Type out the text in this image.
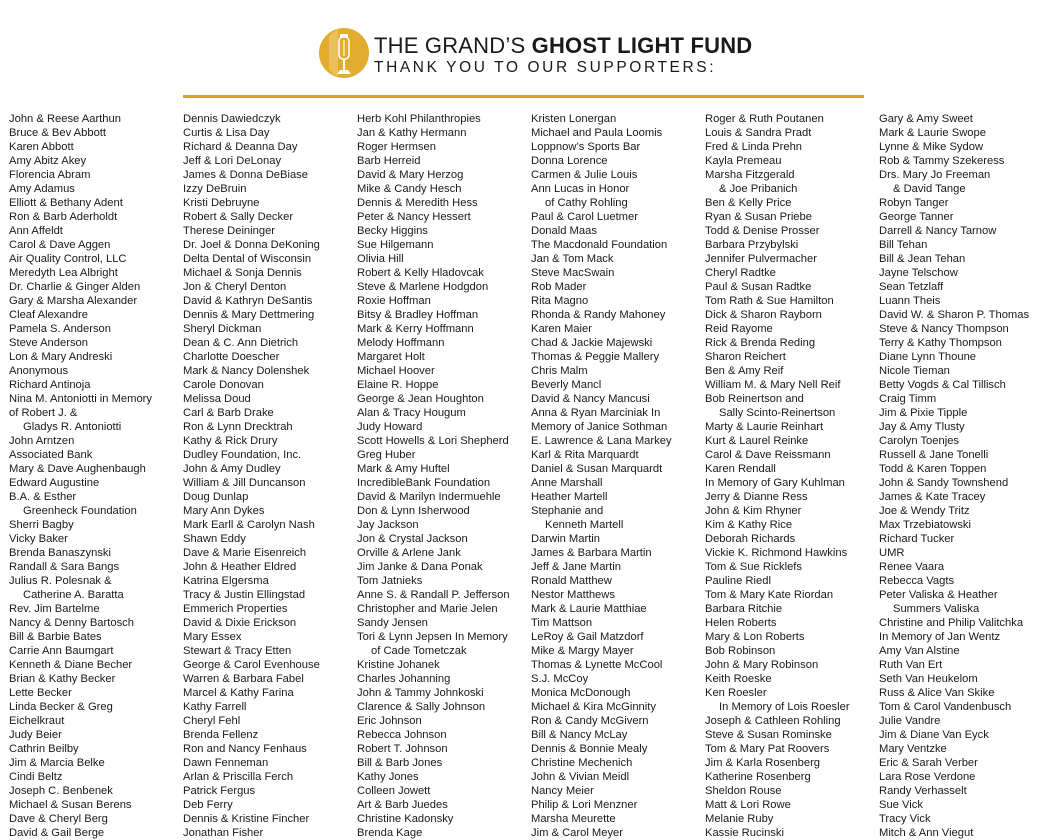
THE GRAND’S GHOST LIGHT FUND
THANK YOU TO OUR SUPPORTERS:
John & Reese Aarthun
Bruce & Bev Abbott
Karen Abbott
Amy Abitz Akey
Florencia Abram
Amy Adamus
Elliott & Bethany Adent
Ron & Barb Aderholdt
Ann Affeldt
Carol & Dave Aggen
Air Quality Control, LLC
Meredyth Lea Albright
Dr. Charlie & Ginger Alden
Gary & Marsha Alexander
Cleaf Alexandre
Pamela S. Anderson
Steve Anderson
Lon & Mary Andreski
Anonymous
Richard Antinoja
Nina M. Antoniotti in Memory
of Robert J. &
Gladys R. Antoniotti
John Arntzen
Associated Bank
Mary & Dave Aughenbaugh
Edward Augustine
B.A. & Esther
Greenheck Foundation
Sherri Bagby
Vicky Baker
Brenda Banaszynski
Randall & Sara Bangs
Julius R. Polesnak &
Catherine A. Baratta
Rev. Jim Bartelme
Nancy & Denny Bartosch
Bill & Barbie Bates
Carrie Ann Baumgart
Kenneth & Diane Becher
Brian & Kathy Becker
Lette Becker
Linda Becker & Greg
Eichelkraut
Judy Beier
Cathrin Beilby
Jim & Marcia Belke
Cindi Beltz
Joseph C. Benbenek
Michael & Susan Berens
Dave & Cheryl Berg
David & Gail Berge
Dennis Dawiedczyk
Curtis & Lisa Day
Richard & Deanna Day
Jeff & Lori DeLonay
James & Donna DeBiase
Izzy DeBruin
Kristi Debruyne
Robert & Sally Decker
Therese Deininger
Dr. Joel & Donna DeKoning
Delta Dental of Wisconsin
Michael & Sonja Dennis
Jon & Cheryl Denton
David & Kathryn DeSantis
Dennis & Mary Dettmering
Sheryl Dickman
Dean & C. Ann Dietrich
Charlotte Doescher
Mark & Nancy Dolenshek
Carole Donovan
Melissa Doud
Carl & Barb Drake
Ron & Lynn Drecktrah
Kathy & Rick Drury
Dudley Foundation, Inc.
John & Amy Dudley
William & Jill Duncanson
Doug Dunlap
Mary Ann Dykes
Mark Earll & Carolyn Nash
Shawn Eddy
Dave & Marie Eisenreich
John & Heather Eldred
Katrina Elgersma
Tracy & Justin Ellingstad
Emmerich Properties
David & Dixie Erickson
Mary Essex
Stewart & Tracy Etten
George & Carol Evenhouse
Warren & Barbara Fabel
Marcel & Kathy Farina
Kathy Farrell
Cheryl Fehl
Brenda Fellenz
Ron and Nancy Fenhaus
Dawn Fenneman
Arlan & Priscilla Ferch
Patrick Fergus
Deb Ferry
Dennis & Kristine Fincher
Jonathan Fisher
Herb Kohl Philanthropies
Jan & Kathy Hermann
Roger Hermsen
Barb Herreid
David & Mary Herzog
Mike & Candy Hesch
Dennis & Meredith Hess
Peter & Nancy Hessert
Becky Higgins
Sue Hilgemann
Olivia Hill
Robert & Kelly Hladovcak
Steve & Marlene Hodgdon
Roxie Hoffman
Bitsy & Bradley Hoffman
Mark & Kerry Hoffmann
Melody Hoffmann
Margaret Holt
Michael Hoover
Elaine R. Hoppe
George & Jean Houghton
Alan & Tracy Hougum
Judy Howard
Scott Howells & Lori Shepherd
Greg Huber
Mark & Amy Huftel
IncredibleBank Foundation
David & Marilyn Indermuehle
Don & Lynn Isherwood
Jay Jackson
Jon & Crystal Jackson
Orville & Arlene Jank
Jim Janke & Dana Ponak
Tom Jatnieks
Anne S. & Randall P. Jefferson
Christopher and Marie Jelen
Sandy Jensen
Tori & Lynn Jepsen In Memory
of Cade Tometczak
Kristine Johanek
Charles Johanning
John & Tammy Johnkoski
Clarence & Sally Johnson
Eric Johnson
Rebecca Johnson
Robert T. Johnson
Bill & Barb Jones
Kathy Jones
Colleen Jowett
Art & Barb Juedes
Christine Kadonsky
Brenda Kage
Kristen Lonergan
Michael and Paula Loomis
Loppnow’s Sports Bar
Donna Lorence
Carmen & Julie Louis
Ann Lucas in Honor
of Cathy Rohling
Paul & Carol Luetmer
Donald Maas
The Macdonald Foundation
Jan & Tom Mack
Steve MacSwain
Rob Mader
Rita Magno
Rhonda & Randy Mahoney
Karen Maier
Chad & Jackie Majewski
Thomas & Peggie Mallery
Chris Malm
Beverly Mancl
David & Nancy Mancusi
Anna & Ryan Marciniak In
Memory of Janice Sothman
E. Lawrence & Lana Markey
Karl & Rita Marquardt
Daniel & Susan Marquardt
Anne Marshall
Heather Martell
Stephanie and
Kenneth Martell
Darwin Martin
James & Barbara Martin
Jeff & Jane Martin
Ronald Matthew
Nestor Matthews
Mark & Laurie Matthiae
Tim Mattson
LeRoy & Gail Matzdorf
Mike & Margy Mayer
Thomas & Lynette McCool
S.J. McCoy
Monica McDonough
Michael & Kira McGinnity
Ron & Candy McGivern
Bill & Nancy McLay
Dennis & Bonnie Mealy
Christine Mechenich
John & Vivian Meidl
Nancy Meier
Philip & Lori Menzner
Marsha Meurette
Jim & Carol Meyer
Roger & Ruth Poutanen
Louis & Sandra Pradt
Fred & Linda Prehn
Kayla Premeau
Marsha Fitzgerald
& Joe Pribanich
Ben & Kelly Price
Ryan & Susan Priebe
Todd & Denise Prosser
Barbara Przybylski
Jennifer Pulvermacher
Cheryl Radtke
Paul & Susan Radtke
Tom Rath & Sue Hamilton
Dick & Sharon Rayborn
Reid Rayome
Rick & Brenda Reding
Sharon Reichert
Ben & Amy Reif
William M. & Mary Nell Reif
Bob Reinertson and
Sally Scinto-Reinertson
Marty & Laurie Reinhart
Kurt & Laurel Reinke
Carol & Dave Reissmann
Karen Rendall
In Memory of Gary Kuhlman
Jerry & Dianne Ress
John & Kim Rhyner
Kim & Kathy Rice
Deborah Richards
Vickie K. Richmond Hawkins
Tom & Sue Ricklefs
Pauline Riedl
Tom & Mary Kate Riordan
Barbara Ritchie
Helen Roberts
Mary & Lon Roberts
Bob Robinson
John & Mary Robinson
Keith Roeske
Ken Roesler
In Memory of Lois Roesler
Joseph & Cathleen Rohling
Steve & Susan Rominske
Tom & Mary Pat Roovers
Jim & Karla Rosenberg
Katherine Rosenberg
Sheldon Rouse
Matt & Lori Rowe
Melanie Ruby
Kassie Rucinski
Gary & Amy Sweet
Mark & Laurie Swope
Lynne & Mike Sydow
Rob & Tammy Szekeress
Drs. Mary Jo Freeman
& David Tange
Robyn Tanger
George Tanner
Darrell & Nancy Tarnow
Bill Tehan
Bill & Jean Tehan
Jayne Telschow
Sean Tetzlaff
Luann Theis
David W. & Sharon P. Thomas
Steve & Nancy Thompson
Terry & Kathy Thompson
Diane Lynn Thoune
Nicole Tieman
Betty Vogds & Cal Tillisch
Craig Timm
Jim & Pixie Tipple
Jay & Amy Tlusty
Carolyn Toenjes
Russell & Jane Tonelli
Todd & Karen Toppen
John & Sandy Townshend
James & Kate Tracey
Joe & Wendy Tritz
Max Trzebiatowski
Richard Tucker
UMR
Renee Vaara
Rebecca Vagts
Peter Valiska & Heather
Summers Valiska
Christine and Philip Valitchka
In Memory of Jan Wentz
Amy Van Alstine
Ruth Van Ert
Seth Van Heukelom
Russ & Alice Van Skike
Tom & Carol Vandenbusch
Julie Vandre
Jim & Diane Van Eyck
Mary Ventzke
Eric & Sarah Verber
Lara Rose Verdone
Randy Verhasselt
Sue Vick
Tracy Vick
Mitch & Ann Viegut
